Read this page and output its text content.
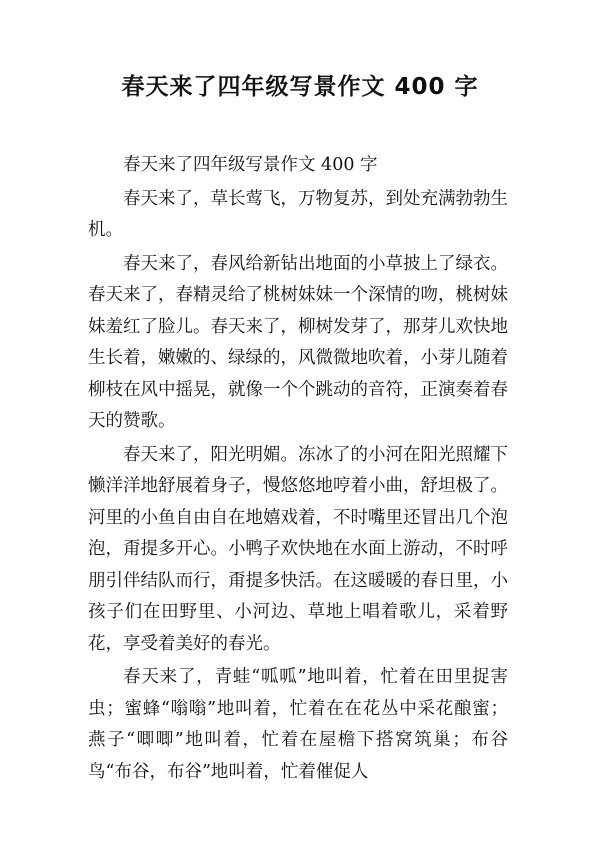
春天来了四年级写景作文 400 字

春天来了四年级写景作文 400 字

春天来了，草长莺飞，万物复苏，到处充满勃勃生机。

春天来了，春风给新钻出地面的小草披上了绿衣。春天来了，春精灵给了桃树妹妹一个深情的吻，桃树妹妹羞红了脸儿。春天来了，柳树发芽了，那芽儿欢快地生长着，嫩嫩的、绿绿的，风微微地吹着，小芽儿随着柳枝在风中摇晃，就像一个个跳动的音符，正演奏着春天的赞歌。

春天来了，阳光明媚。冻冰了的小河在阳光照耀下懒洋洋地舒展着身子，慢悠悠地哼着小曲，舒坦极了。河里的小鱼自由自在地嬉戏着，不时嘴里还冒出几个泡泡，甭提多开心。小鸭子欢快地在水面上游动，不时呼朋引伴结队而行，甭提多快活。在这暖暖的春日里，小孩子们在田野里、小河边、草地上唱着歌儿，采着野花，享受着美好的春光。

春天来了，青蛙“呱呱”地叫着，忙着在田里捉害虫；蜜蜂“嗡嗡”地叫着，忙着在在花丛中采花酿蜜；燕子“唧唧”地叫着，忙着在屋檐下搭窝筑巢；布谷鸟“布谷，布谷”地叫着，忙着催促人
